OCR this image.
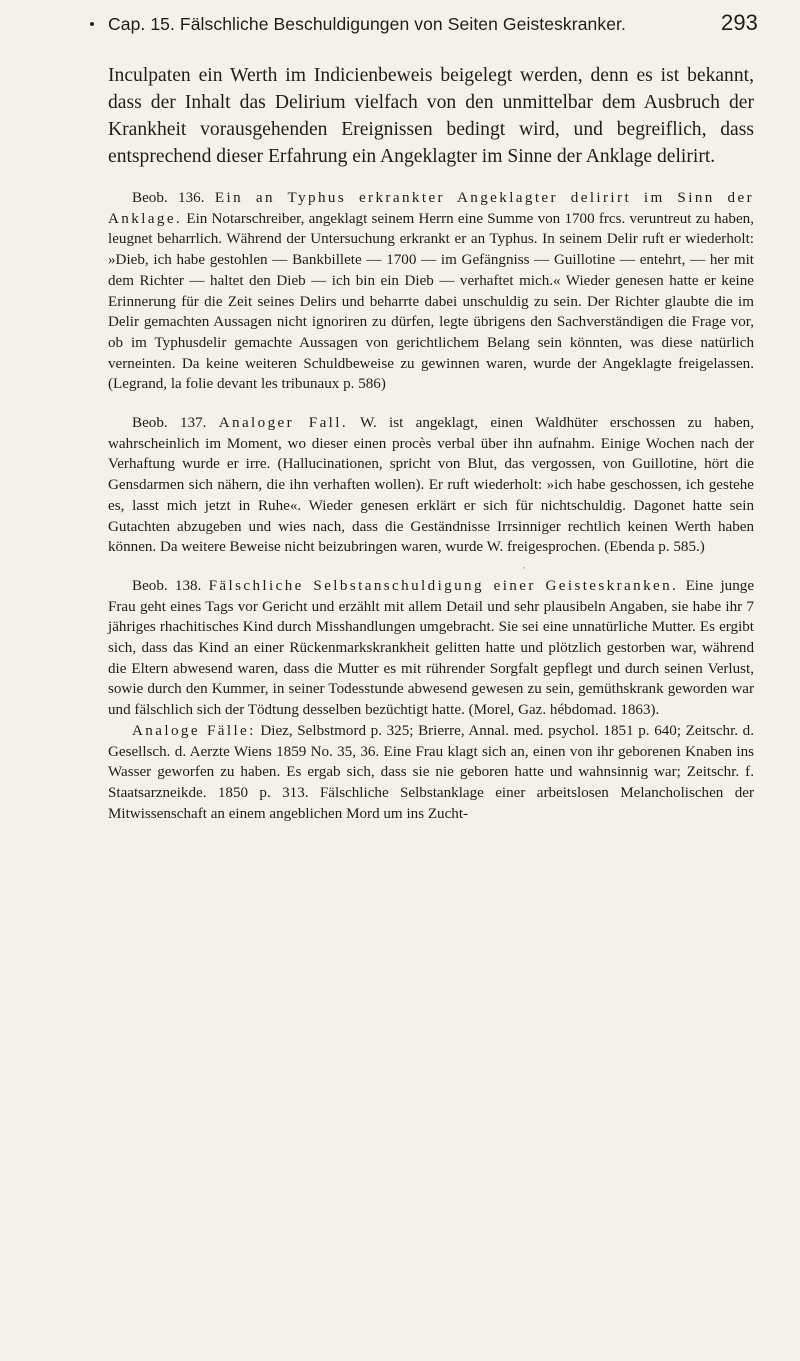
Cap. 15. Fälschliche Beschuldigungen von Seiten Geisteskranker.	293

Inculpaten ein Werth im Indicienbeweis beigelegt werden, denn es ist bekannt, dass der Inhalt das Delirium vielfach von den unmittelbar dem Ausbruch der Krankheit vorausgehenden Ereignissen bedingt wird, und begreiflich, dass entsprechend dieser Erfahrung ein Angeklagter im Sinne der Anklage delirirt.

Beob. 136. Ein an Typhus erkrankter Angeklagter delirirt im Sinn der Anklage. Ein Notarschreiber, angeklagt seinem Herrn eine Summe von 1700 frcs. veruntreut zu haben, leugnet beharrlich. Während der Untersuchung erkrankt er an Typhus. In seinem Delir ruft er wiederholt: »Dieb, ich habe gestohlen — Bankbillete — 1700 — im Gefängniss — Guillotine — entehrt, — her mit dem Richter — haltet den Dieb — ich bin ein Dieb — verhaftet mich.« Wieder genesen hatte er keine Erinnerung für die Zeit seines Delirs und beharrte dabei unschuldig zu sein. Der Richter glaubte die im Delir gemachten Aussagen nicht ignoriren zu dürfen, legte übrigens den Sachverständigen die Frage vor, ob im Typhusdelir gemachte Aussagen von gerichtlichem Belang sein könnten, was diese natürlich verneinten. Da keine weiteren Schuldbeweise zu gewinnen waren, wurde der Angeklagte freigelassen. (Legrand, la folie devant les tribunaux p. 586)

Beob. 137. Analoger Fall. W. ist angeklagt, einen Waldhüter erschossen zu haben, wahrscheinlich im Moment, wo dieser einen procès verbal über ihn aufnahm. Einige Wochen nach der Verhaftung wurde er irre. (Hallucinationen, spricht von Blut, das vergossen, von Guillotine, hört die Gensdarmen sich nähern, die ihn verhaften wollen). Er ruft wiederholt: »ich habe geschossen, ich gestehe es, lasst mich jetzt in Ruhe«. Wieder genesen erklärt er sich für nichtschuldig. Dagonet hatte sein Gutachten abzugeben und wies nach, dass die Geständnisse Irrsinniger rechtlich keinen Werth haben können. Da weitere Beweise nicht beizubringen waren, wurde W. freigesprochen. (Ebenda p. 585.)

Beob. 138. Fälschliche Selbstanschuldigung einer Geisteskranken. Eine junge Frau geht eines Tags vor Gericht und erzählt mit allem Detail und sehr plausibeln Angaben, sie habe ihr 7 jähriges rhachitisches Kind durch Misshandlungen umgebracht. Sie sei eine unnatürliche Mutter. Es ergibt sich, dass das Kind an einer Rückenmarkskrankheit gelitten hatte und plötzlich gestorben war, während die Eltern abwesend waren, dass die Mutter es mit rührender Sorgfalt gepflegt und durch seinen Verlust, sowie durch den Kummer, in seiner Todesstunde abwesend gewesen zu sein, gemüthskrank geworden war und fälschlich sich der Tödtung desselben bezüchtigt hatte. (Morel, Gaz. hébdomad. 1863).

Analoge Fälle: Diez, Selbstmord p. 325; Brierre, Annal. med. psychol. 1851 p. 640; Zeitschr. d. Gesellsch. d. Aerzte Wiens 1859 No. 35, 36. Eine Frau klagt sich an, einen von ihr geborenen Knaben ins Wasser geworfen zu haben. Es ergab sich, dass sie nie geboren hatte und wahnsinnig war; Zeitschr. f. Staatsarzneikde. 1850 p. 313. Fälschliche Selbstanklage einer arbeitslosen Melancholischen der Mitwissenschaft an einem angeblichen Mord um ins Zucht-

‚
